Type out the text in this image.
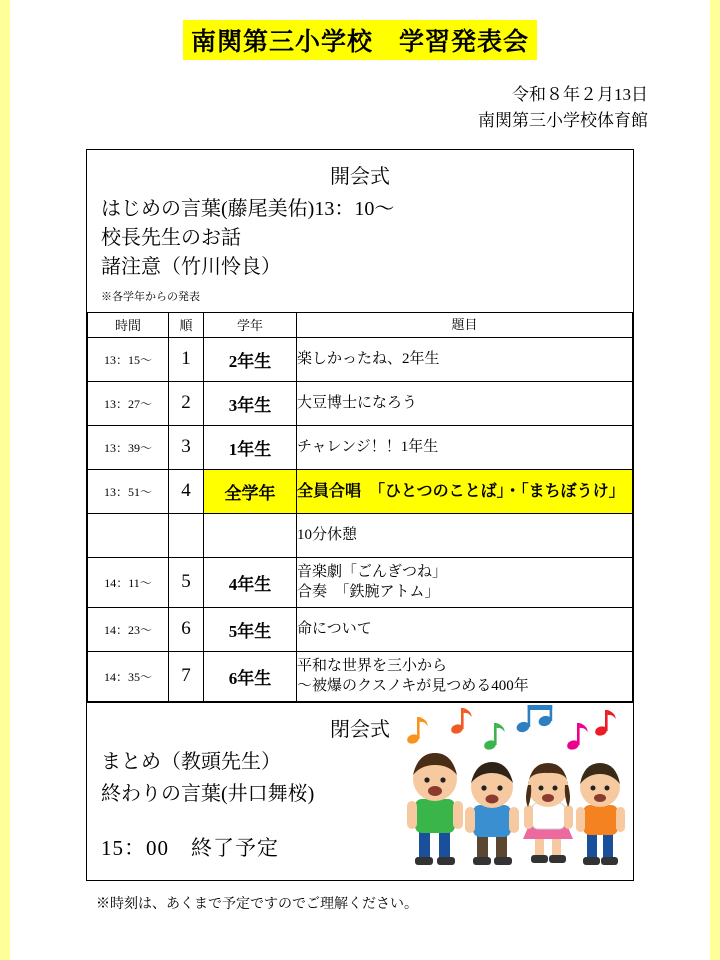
南関第三小学校　学習発表会
令和８年２月13日
南関第三小学校体育館
開会式
はじめの言葉(藤尾美佑)13：10〜
校長先生のお話
諸注意（竹川怜良）
※各学年からの発表
時間	順	学年	題目
13：15〜	1	2年生	楽しかったね、2年生
13：27〜	2	3年生	大豆博士になろう
13：39〜	3	1年生	チャレンジ！！1年生
13：51〜	4	全学年	全員合唱　「ひとつのことば」・「まちぼうけ」
			10分休憩
14：11〜	5	4年生	音楽劇「ごんぎつね」
合奏　「鉄腕アトム」

14：23〜	6	5年生	命について
14：35〜	7	6年生	平和な世界を三小から
〜被爆のクスノキが見つめる400年
閉会式
まとめ（教頭先生）
終わりの言葉(井口舞桜)
15：00　終了予定
※時刻は、あくまで予定ですのでご理解ください。
